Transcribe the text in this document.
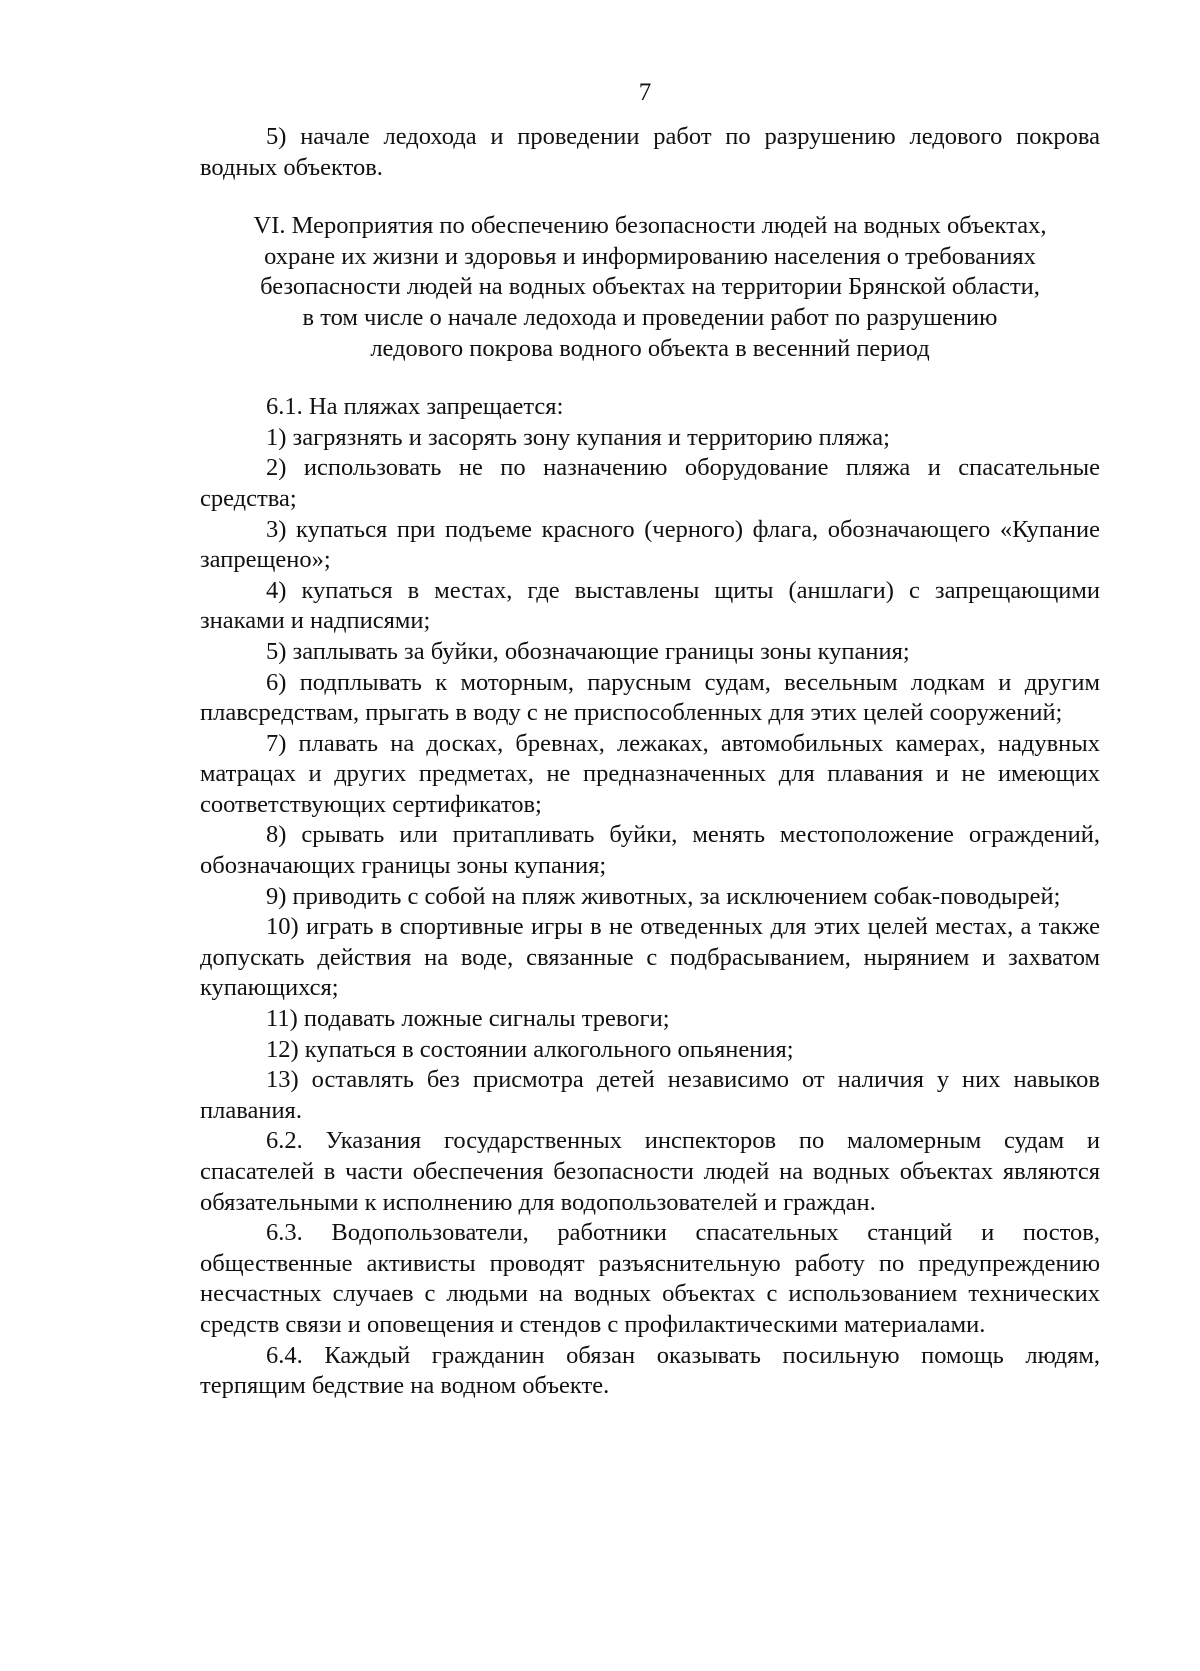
7

5) начале ледохода и проведении работ по разрушению ледового покрова водных объектов.

VI. Мероприятия по обеспечению безопасности людей на водных объектах,
охране их жизни и здоровья и информированию населения о требованиях
безопасности людей на водных объектах на территории Брянской области,
в том числе о начале ледохода и проведении работ по разрушению
ледового покрова водного объекта в весенний период

6.1. На пляжах запрещается:

1) загрязнять и засорять зону купания и территорию пляжа;

2) использовать не по назначению оборудование пляжа и спасательные средства;

3) купаться при подъеме красного (черного) флага, обозначающего «Купание запрещено»;

4) купаться в местах, где выставлены щиты (аншлаги) с запрещающими знаками и надписями;

5) заплывать за буйки, обозначающие границы зоны купания;

6) подплывать к моторным, парусным судам, весельным лодкам и другим плавсредствам, прыгать в воду с не приспособленных для этих целей сооружений;

7) плавать на досках, бревнах, лежаках, автомобильных камерах, надувных матрацах и других предметах, не предназначенных для плавания и не имеющих соответствующих сертификатов;

8) срывать или притапливать буйки, менять местоположение ограждений, обозначающих границы зоны купания;

9) приводить с собой на пляж животных, за исключением собак-поводырей;

10) играть в спортивные игры в не отведенных для этих целей местах, а также допускать действия на воде, связанные с подбрасыванием, нырянием и захватом купающихся;

11) подавать ложные сигналы тревоги;

12) купаться в состоянии алкогольного опьянения;

13) оставлять без присмотра детей независимо от наличия у них навыков плавания.

6.2. Указания государственных инспекторов по маломерным судам и спасателей в части обеспечения безопасности людей на водных объектах являются обязательными к исполнению для водопользователей и граждан.

6.3. Водопользователи, работники спасательных станций и постов, общественные активисты проводят разъяснительную работу по предупреждению несчастных случаев с людьми на водных объектах с использованием технических средств связи и оповещения и стендов с профилактическими материалами.

6.4. Каждый гражданин обязан оказывать посильную помощь людям, терпящим бедствие на водном объекте.
